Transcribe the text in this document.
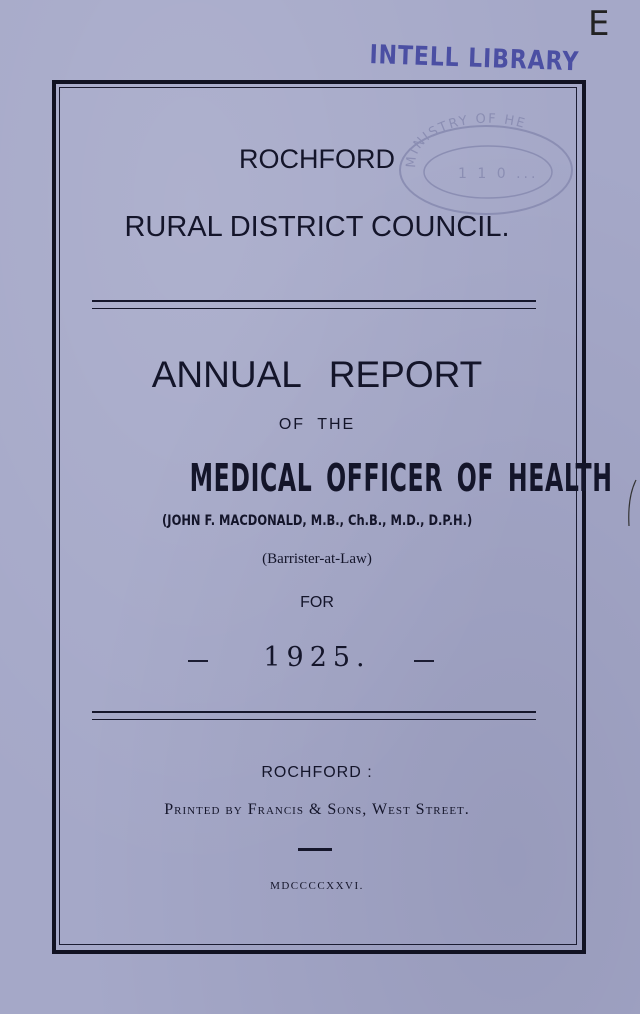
E
INTELL LIBRARY
MINISTRY OF HE
1 1 0 ...
ROCHFORD
RURAL DISTRICT COUNCIL.
ANNUAL REPORT
OF THE
MEDICAL OFFICER OF HEALTH
(JOHN F. MACDONALD, M.B., Ch.B., M.D., D.P.H.)
(Barrister-at-Law)
FOR
1925.
ROCHFORD :
Printed by Francis & Sons, West Street.
MDCCCCXXVI.
